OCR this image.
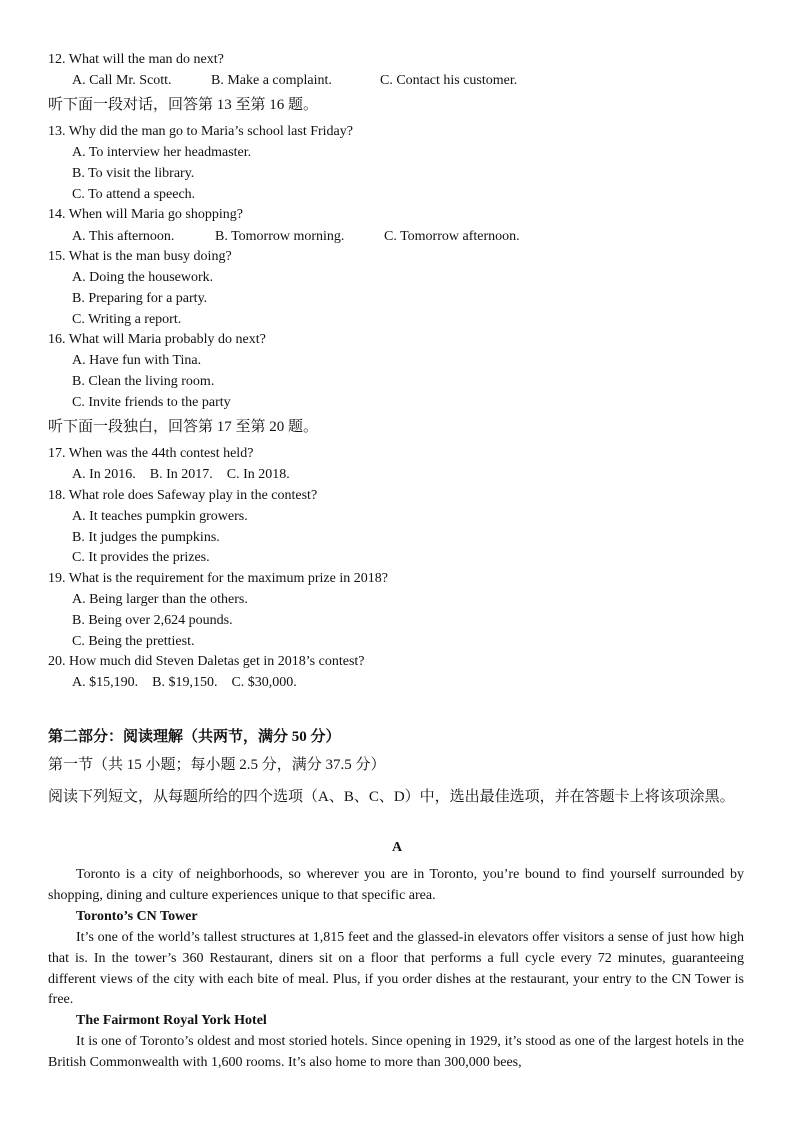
12. What will the man do next?
A. Call Mr. Scott.	B. Make a complaint.	C. Contact his customer.
听下面一段对话，回答第 13 至第 16 题。
13. Why did the man go to Maria’s school last Friday?
A. To interview her headmaster.
B. To visit the library.
C. To attend a speech.
14. When will Maria go shopping?
A. This afternoon.	B. Tomorrow morning.	C. Tomorrow afternoon.
15. What is the man busy doing?
A. Doing the housework.
B. Preparing for a party.
C. Writing a report.
16. What will Maria probably do next?
A. Have fun with Tina.
B. Clean the living room.
C. Invite friends to the party
听下面一段独白，回答第 17 至第 20 题。
17. When was the 44th contest held?
A. In 2016.    B. In 2017.    C. In 2018.
18. What role does Safeway play in the contest?
A. It teaches pumpkin growers.
B. It judges the pumpkins.
C. It provides the prizes.
19. What is the requirement for the maximum prize in 2018?
A. Being larger than the others.
B. Being over 2,624 pounds.
C. Being the prettiest.
20. How much did Steven Daletas get in 2018’s contest?
A. $15,190.    B. $19,150.    C. $30,000.
第二部分：阅读理解（共两节，满分 50 分）
第一节（共 15 小题；每小题 2.5 分，满分 37.5 分）
阅读下列短文，从每题所给的四个选项（A、B、C、D）中，选出最佳选项，并在答题卡上将该项涂黑。
A
Toronto is a city of neighborhoods, so wherever you are in Toronto, you’re bound to find yourself surrounded by shopping, dining and culture experiences unique to that specific area.
Toronto’s CN Tower
It’s one of the world’s tallest structures at 1,815 feet and the glassed-in elevators offer visitors a sense of just how high that is. In the tower’s 360 Restaurant, diners sit on a floor that performs a full cycle every 72 minutes, guaranteeing different views of the city with each bite of meal. Plus, if you order dishes at the restaurant, your entry to the CN Tower is free.
The Fairmont Royal York Hotel
It is one of Toronto’s oldest and most storied hotels. Since opening in 1929, it’s stood as one of the largest hotels in the British Commonwealth with 1,600 rooms. It’s also home to more than 300,000 bees,
